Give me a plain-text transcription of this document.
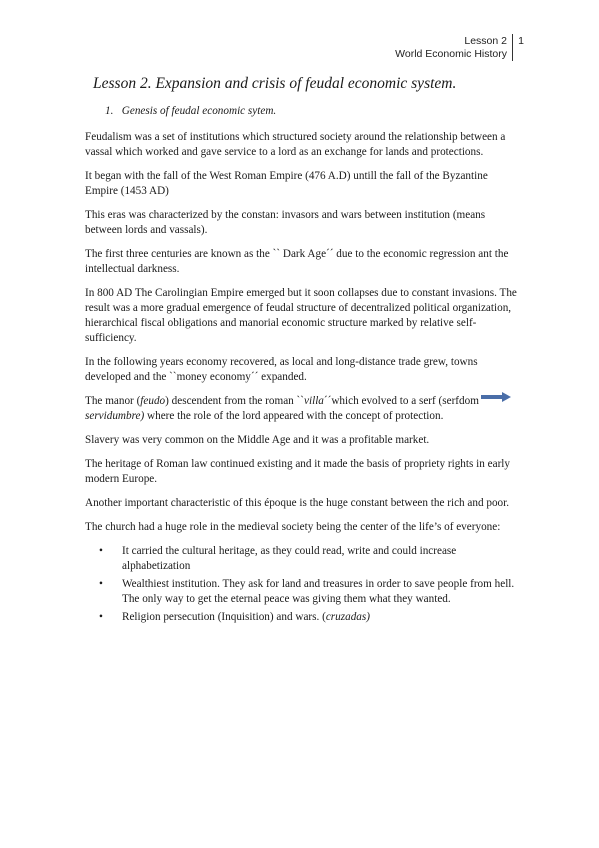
Lesson 2
World Economic History
1
Lesson 2. Expansion and crisis of feudal economic system.
1. Genesis of feudal economic sytem.

Feudalism was a set of institutions which structured society around the relationship between a vassal which worked and gave service to a lord as an exchange for lands and protections.

It began with the fall of the West Roman Empire (476 A.D) untill the fall of the Byzantine Empire (1453 AD)

This eras was characterized by the constan: invasors and wars between institution (means between lords and vassals).

The first three centuries are known as the `` Dark Age´´ due to the economic regression ant the intellectual darkness.

In 800 AD The Carolingian Empire emerged but it soon collapses due to constant invasions. The result was a more gradual emergence of feudal structure of decentralized political organization, hierarchical fiscal obligations and manorial economic structure marked by relative self- sufficiency.

In the following years economy recovered, as local and long-distance trade grew, towns developed and the ``money economy´´ expanded.

The manor (feudo) descendent from the roman ``villa´´which evolved to a serf (serfdom servidumbre) where the role of the lord appeared with the concept of protection.

Slavery was very common on the Middle Age and it was a profitable market.

The heritage of Roman law continued existing and it made the basis of propriety rights in early modern Europe.

Another important characteristic of this époque is the huge constant between the rich and poor.

The church had a huge role in the medieval society being the center of the life’s of everyone:

• It carried the cultural heritage, as they could read, write and could increase alphabetization
• Wealthiest institution. They ask for land and treasures in order to save people from hell. The only way to get the eternal peace was giving them what they wanted.
• Religion persecution (Inquisition) and wars. (cruzadas)
